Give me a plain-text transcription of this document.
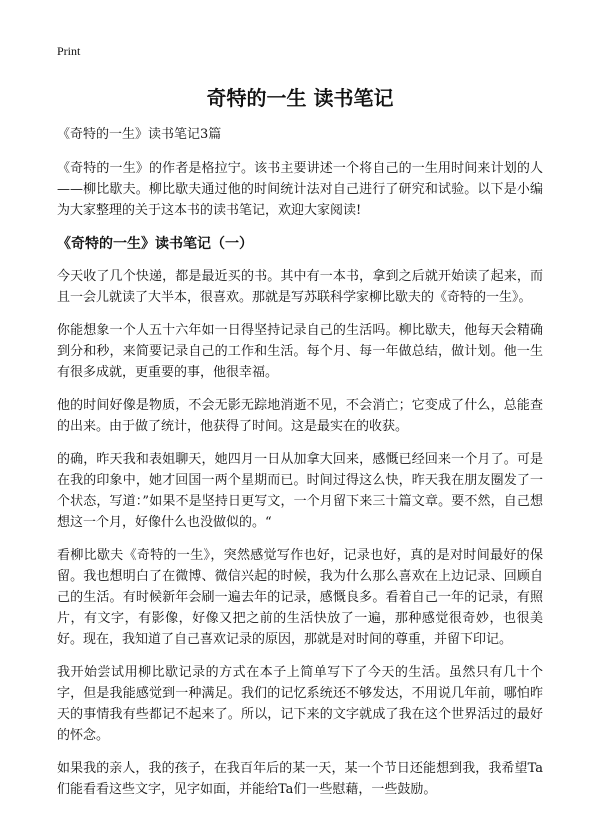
Print
奇特的一生 读书笔记

《奇特的一生》读书笔记3篇

《奇特的一生》的作者是格拉宁。该书主要讲述一个将自己的一生用时间来计划的人——柳比歇夫。柳比歇夫通过他的时间统计法对自己进行了研究和试验。以下是小编为大家整理的关于这本书的读书笔记，欢迎大家阅读!

《奇特的一生》读书笔记（一）

今天收了几个快递，都是最近买的书。其中有一本书，拿到之后就开始读了起来，而且一会儿就读了大半本，很喜欢。那就是写苏联科学家柳比歇夫的《奇特的一生》。

你能想象一个人五十六年如一日得坚持记录自己的生活吗。柳比歇夫，他每天会精确到分和秒，来简要记录自己的工作和生活。每个月、每一年做总结，做计划。他一生有很多成就，更重要的事，他很幸福。

他的时间好像是物质，不会无影无踪地消逝不见，不会消亡；它变成了什么，总能查的出来。由于做了统计，他获得了时间。这是最实在的收获。

的确，昨天我和表姐聊天，她四月一日从加拿大回来，感慨已经回来一个月了。可是在我的印象中，她才回国一两个星期而已。时间过得这么快，昨天我在朋友圈发了一个状态，写道：”如果不是坚持日更写文，一个月留下来三十篇文章。要不然，自己想想这一个月，好像什么也没做似的。“

看柳比歇夫《奇特的一生》，突然感觉写作也好，记录也好，真的是对时间最好的保留。我也想明白了在微博、微信兴起的时候，我为什么那么喜欢在上边记录、回顾自己的生活。有时候新年会刷一遍去年的记录，感慨良多。看着自己一年的记录，有照片，有文字，有影像，好像又把之前的生活快放了一遍，那种感觉很奇妙，也很美好。现在，我知道了自己喜欢记录的原因，那就是对时间的尊重，并留下印记。

我开始尝试用柳比歇记录的方式在本子上简单写下了今天的生活。虽然只有几十个字，但是我能感觉到一种满足。我们的记忆系统还不够发达，不用说几年前，哪怕昨天的事情我有些都记不起来了。所以，记下来的文字就成了我在这个世界活过的最好的怀念。

如果我的亲人，我的孩子，在我百年后的某一天，某一个节日还能想到我，我希望Ta们能看看这些文字，见字如面，并能给Ta们一些慰藉，一些鼓励。
